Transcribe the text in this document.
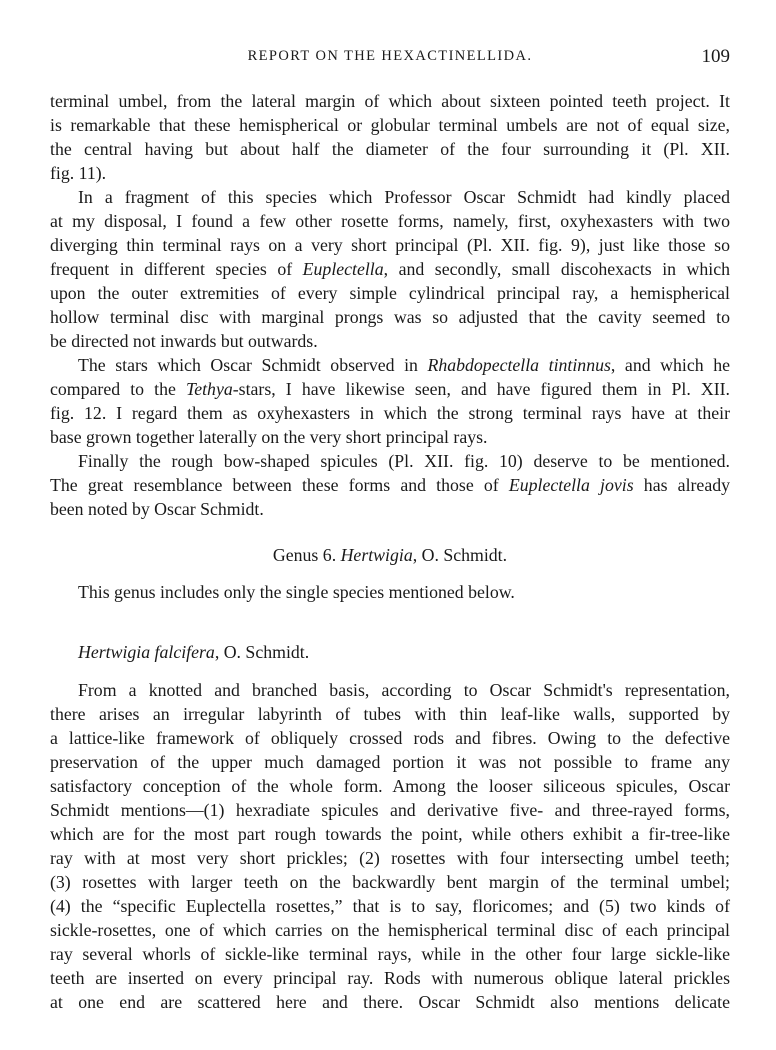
REPORT ON THE HEXACTINELLIDA.	109
terminal umbel, from the lateral margin of which about sixteen pointed teeth project. It
is remarkable that these hemispherical or globular terminal umbels are not of equal size,
the central having but about half the diameter of the four surrounding it (Pl. XII.
fig. 11).
In a fragment of this species which Professor Oscar Schmidt had kindly placed
at my disposal, I found a few other rosette forms, namely, first, oxyhexasters with two
diverging thin terminal rays on a very short principal (Pl. XII. fig. 9), just like those so
frequent in different species of Euplectella, and secondly, small discohexacts in which
upon the outer extremities of every simple cylindrical principal ray, a hemispherical
hollow terminal disc with marginal prongs was so adjusted that the cavity seemed to
be directed not inwards but outwards.
The stars which Oscar Schmidt observed in Rhabdopectella tintinnus, and which he
compared to the Tethya-stars, I have likewise seen, and have figured them in Pl. XII.
fig. 12. I regard them as oxyhexasters in which the strong terminal rays have at their
base grown together laterally on the very short principal rays.
Finally the rough bow-shaped spicules (Pl. XII. fig. 10) deserve to be mentioned.
The great resemblance between these forms and those of Euplectella jovis has already
been noted by Oscar Schmidt.
Genus 6. Hertwigia, O. Schmidt.
This genus includes only the single species mentioned below.
Hertwigia falcifera, O. Schmidt.
From a knotted and branched basis, according to Oscar Schmidt's representation,
there arises an irregular labyrinth of tubes with thin leaf-like walls, supported by
a lattice-like framework of obliquely crossed rods and fibres. Owing to the defective
preservation of the upper much damaged portion it was not possible to frame any
satisfactory conception of the whole form. Among the looser siliceous spicules, Oscar
Schmidt mentions—(1) hexradiate spicules and derivative five- and three-rayed forms,
which are for the most part rough towards the point, while others exhibit a fir-tree-like
ray with at most very short prickles; (2) rosettes with four intersecting umbel teeth;
(3) rosettes with larger teeth on the backwardly bent margin of the terminal umbel;
(4) the “specific Euplectella rosettes,” that is to say, floricomes; and (5) two kinds of
sickle-rosettes, one of which carries on the hemispherical terminal disc of each principal
ray several whorls of sickle-like terminal rays, while in the other four large sickle-like
teeth are inserted on every principal ray. Rods with numerous oblique lateral prickles
at one end are scattered here and there. Oscar Schmidt also mentions delicate
